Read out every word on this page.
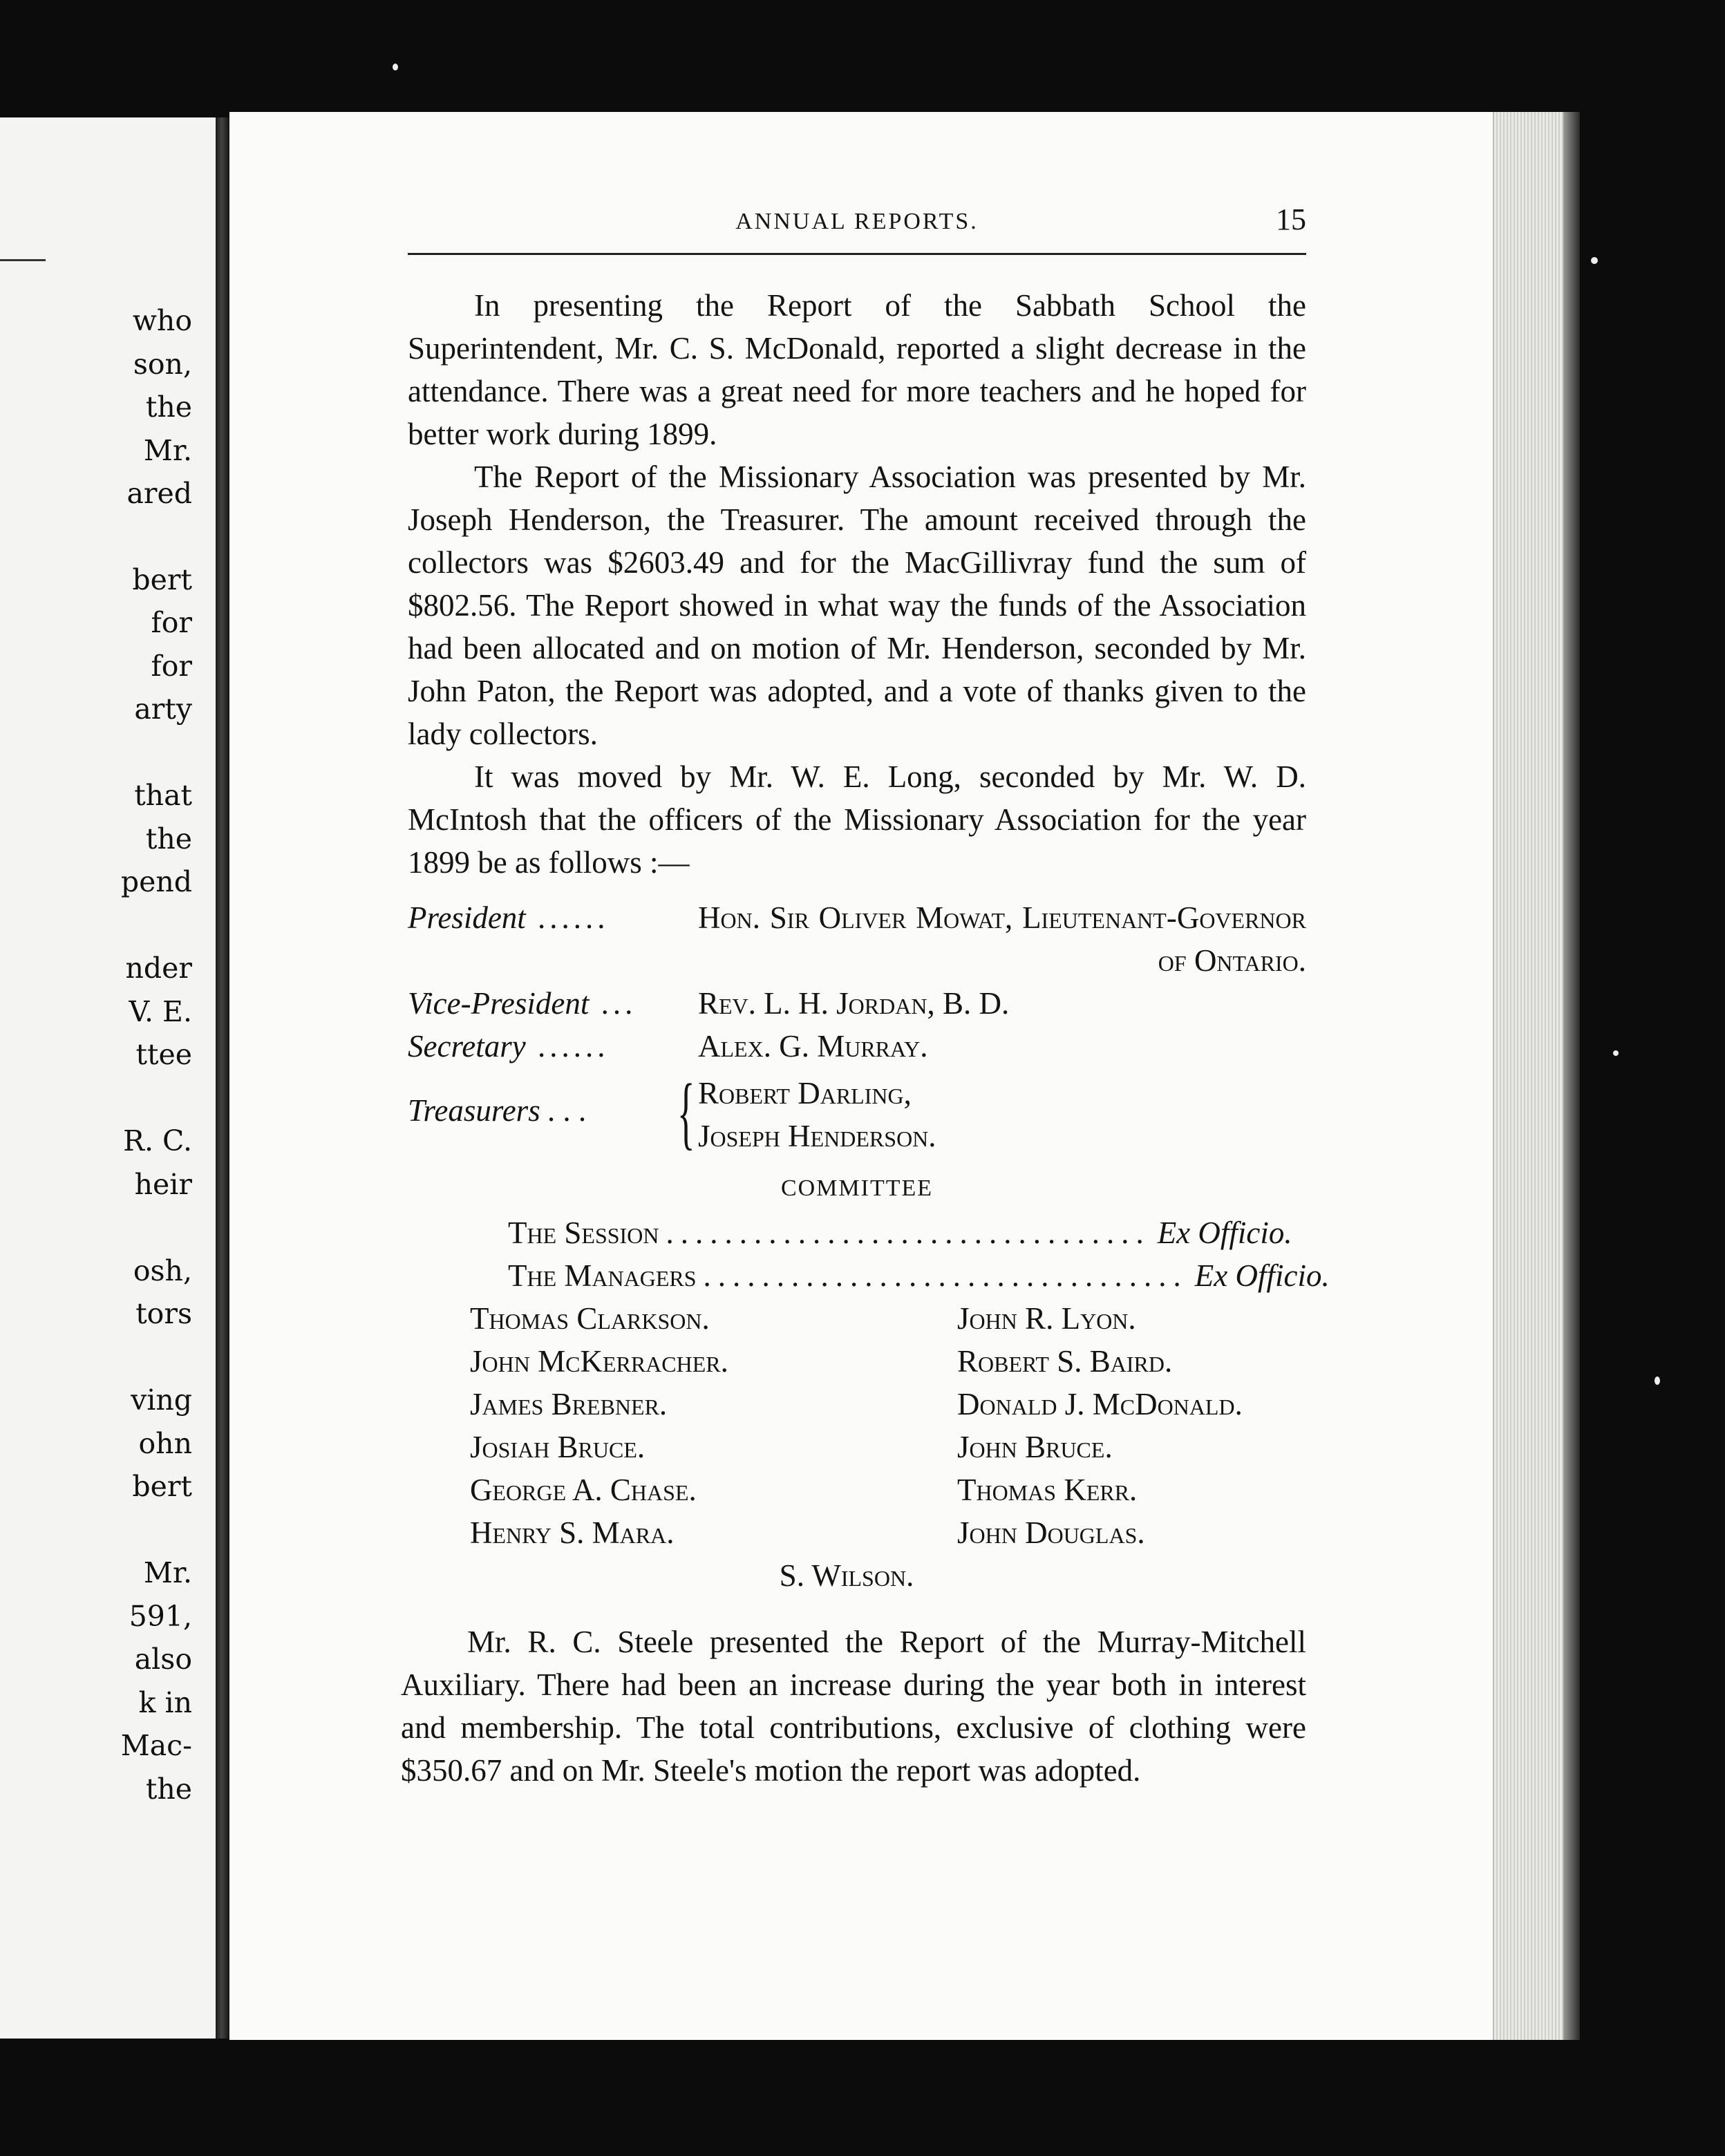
who
son,
the
Mr.
ared
bert
for
for
arty
that
the
pend
nder
V. E.
ttee
R. C.
heir
osh,
tors
ving
ohn
bert
Mr.
591,
also
k in
Mac-
the
ANNUAL REPORTS.	15

In presenting the Report of the Sabbath School the Superintendent, Mr. C. S. McDonald, reported a slight decrease in the attendance. There was a great need for more teachers and he hoped for better work during 1899.

The Report of the Missionary Association was presented by Mr. Joseph Henderson, the Treasurer. The amount received through the collectors was $2603.49 and for the MacGillivray fund the sum of $802.56. The Report showed in what way the funds of the Association had been allocated and on motion of Mr. Henderson, seconded by Mr. John Paton, the Report was adopted, and a vote of thanks given to the lady collectors.

It was moved by Mr. W. E. Long, seconded by Mr. W. D. McIntosh that the officers of the Missionary Association for the year 1899 be as follows :—

President ......	Hon. Sir Oliver Mowat, Lieutenant-Governor of Ontario.
Vice-President ...	Rev. L. H. Jordan, B. D.
Secretary ......	Alex. G. Murray.
Treasurers . . .	{ Robert Darling,
Joseph Henderson.
COMMITTEE
The Session ................................. Ex Officio.
The Managers ................................. Ex Officio.
Thomas Clarkson.	John R. Lyon.
John McKerracher.	Robert S. Baird.
James Brebner.	Donald J. McDonald.
Josiah Bruce.	John Bruce.
George A. Chase.	Thomas Kerr.
Henry S. Mara.	John Douglas.
S. Wilson.

Mr. R. C. Steele presented the Report of the Murray-Mitchell Auxiliary. There had been an increase during the year both in interest and membership. The total contributions, exclusive of clothing were $350.67 and on Mr. Steele's motion the report was adopted.
